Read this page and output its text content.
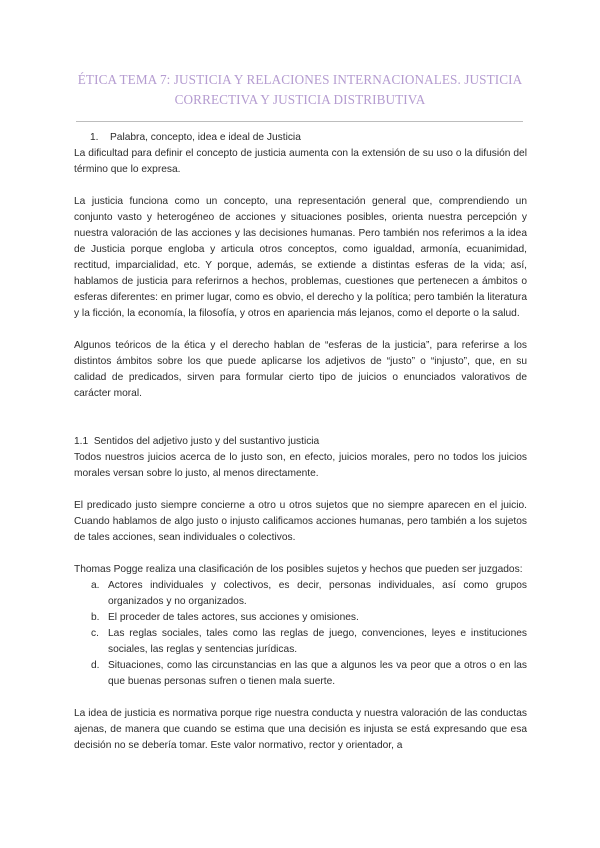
ÉTICA TEMA 7: JUSTICIA Y RELACIONES INTERNACIONALES. JUSTICIA CORRECTIVA Y JUSTICIA DISTRIBUTIVA

1. Palabra, concepto, idea e ideal de Justicia

La dificultad para definir el concepto de justicia aumenta con la extensión de su uso o la difusión del término que lo expresa.

La justicia funciona como un concepto, una representación general que, comprendiendo un conjunto vasto y heterogéneo de acciones y situaciones posibles, orienta nuestra percepción y nuestra valoración de las acciones y las decisiones humanas. Pero también nos referimos a la idea de Justicia porque engloba y articula otros conceptos, como igualdad, armonía, ecuanimidad, rectitud, imparcialidad, etc. Y porque, además, se extiende a distintas esferas de la vida; así, hablamos de justicia para referirnos a hechos, problemas, cuestiones que pertenecen a ámbitos o esferas diferentes: en primer lugar, como es obvio, el derecho y la política; pero también la literatura y la ficción, la economía, la filosofía, y otros en apariencia más lejanos, como el deporte o la salud.

Algunos teóricos de la ética y el derecho hablan de “esferas de la justicia”, para referirse a los distintos ámbitos sobre los que puede aplicarse los adjetivos de “justo” o “injusto”, que, en su calidad de predicados, sirven para formular cierto tipo de juicios o enunciados valorativos de carácter moral.

1.1 Sentidos del adjetivo justo y del sustantivo justicia

Todos nuestros juicios acerca de lo justo son, en efecto, juicios morales, pero no todos los juicios morales versan sobre lo justo, al menos directamente.

El predicado justo siempre concierne a otro u otros sujetos que no siempre aparecen en el juicio. Cuando hablamos de algo justo o injusto calificamos acciones humanas, pero también a los sujetos de tales acciones, sean individuales o colectivos.

Thomas Pogge realiza una clasificación de los posibles sujetos y hechos que pueden ser juzgados:

a. Actores individuales y colectivos, es decir, personas individuales, así como grupos organizados y no organizados.
b. El proceder de tales actores, sus acciones y omisiones.
c. Las reglas sociales, tales como las reglas de juego, convenciones, leyes e instituciones sociales, las reglas y sentencias jurídicas.
d. Situaciones, como las circunstancias en las que a algunos les va peor que a otros o en las que buenas personas sufren o tienen mala suerte.

La idea de justicia es normativa porque rige nuestra conducta y nuestra valoración de las conductas ajenas, de manera que cuando se estima que una decisión es injusta se está expresando que esa decisión no se debería tomar. Este valor normativo, rector y orientador, a
